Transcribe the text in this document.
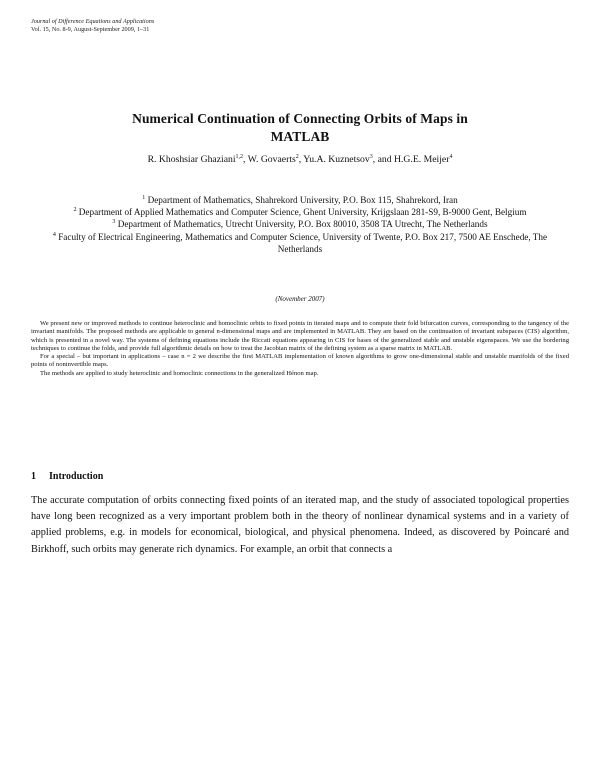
Journal of Difference Equations and Applications
Vol. 15, No. 8-9, August-September 2009, 1–31
Numerical Continuation of Connecting Orbits of Maps in
MATLAB
R. Khoshsiar Ghaziani$^{1,2}$, W. Govaerts$^2$, Yu.A. Kuznetsov$^3$, and H.G.E. Meijer$^4$
$^1$ Department of Mathematics, Shahrekord University, P.O. Box 115, Shahrekord, Iran
$^2$ Department of Applied Mathematics and Computer Science, Ghent University, Krijgslaan 281-S9, B-9000 Gent, Belgium
$^3$ Department of Mathematics, Utrecht University, P.O. Box 80010, 3508 TA Utrecht, The Netherlands
$^4$ Faculty of Electrical Engineering, Mathematics and Computer Science, University of Twente, P.O. Box 217, 7500 AE Enschede, The Netherlands
(November 2007)

We present new or improved methods to continue heteroclinic and homoclinic orbits to fixed points in iterated maps and to compute their fold bifurcation curves, corresponding to the tangency of the invariant manifolds. The proposed methods are applicable to general n-dimensional maps and are implemented in MATLAB. They are based on the continuation of invariant subspaces (CIS) algorithm, which is presented in a novel way. The systems of defining equations include the Riccati equations appearing in CIS for bases of the generalized stable and unstable eigenspaces. We use the bordering techniques to continue the folds, and provide full algorithmic details on how to treat the Jacobian matrix of the defining system as a sparse matrix in MATLAB.

For a special – but important in applications – case n = 2 we describe the first MATLAB implementation of known algorithms to grow one-dimensional stable and unstable manifolds of the fixed points of noninvertible maps.

The methods are applied to study heteroclinic and homoclinic connections in the generalized Hénon map.

1 Introduction

The accurate computation of orbits connecting fixed points of an iterated map, and the study of associated topological properties have long been recognized as a very important problem both in the theory of nonlinear dynamical systems and in a variety of applied problems, e.g. in models for economical, biological, and physical phenomena. Indeed, as discovered by Poincaré and Birkhoff, such orbits may generate rich dynamics. For example, an orbit that connects a
